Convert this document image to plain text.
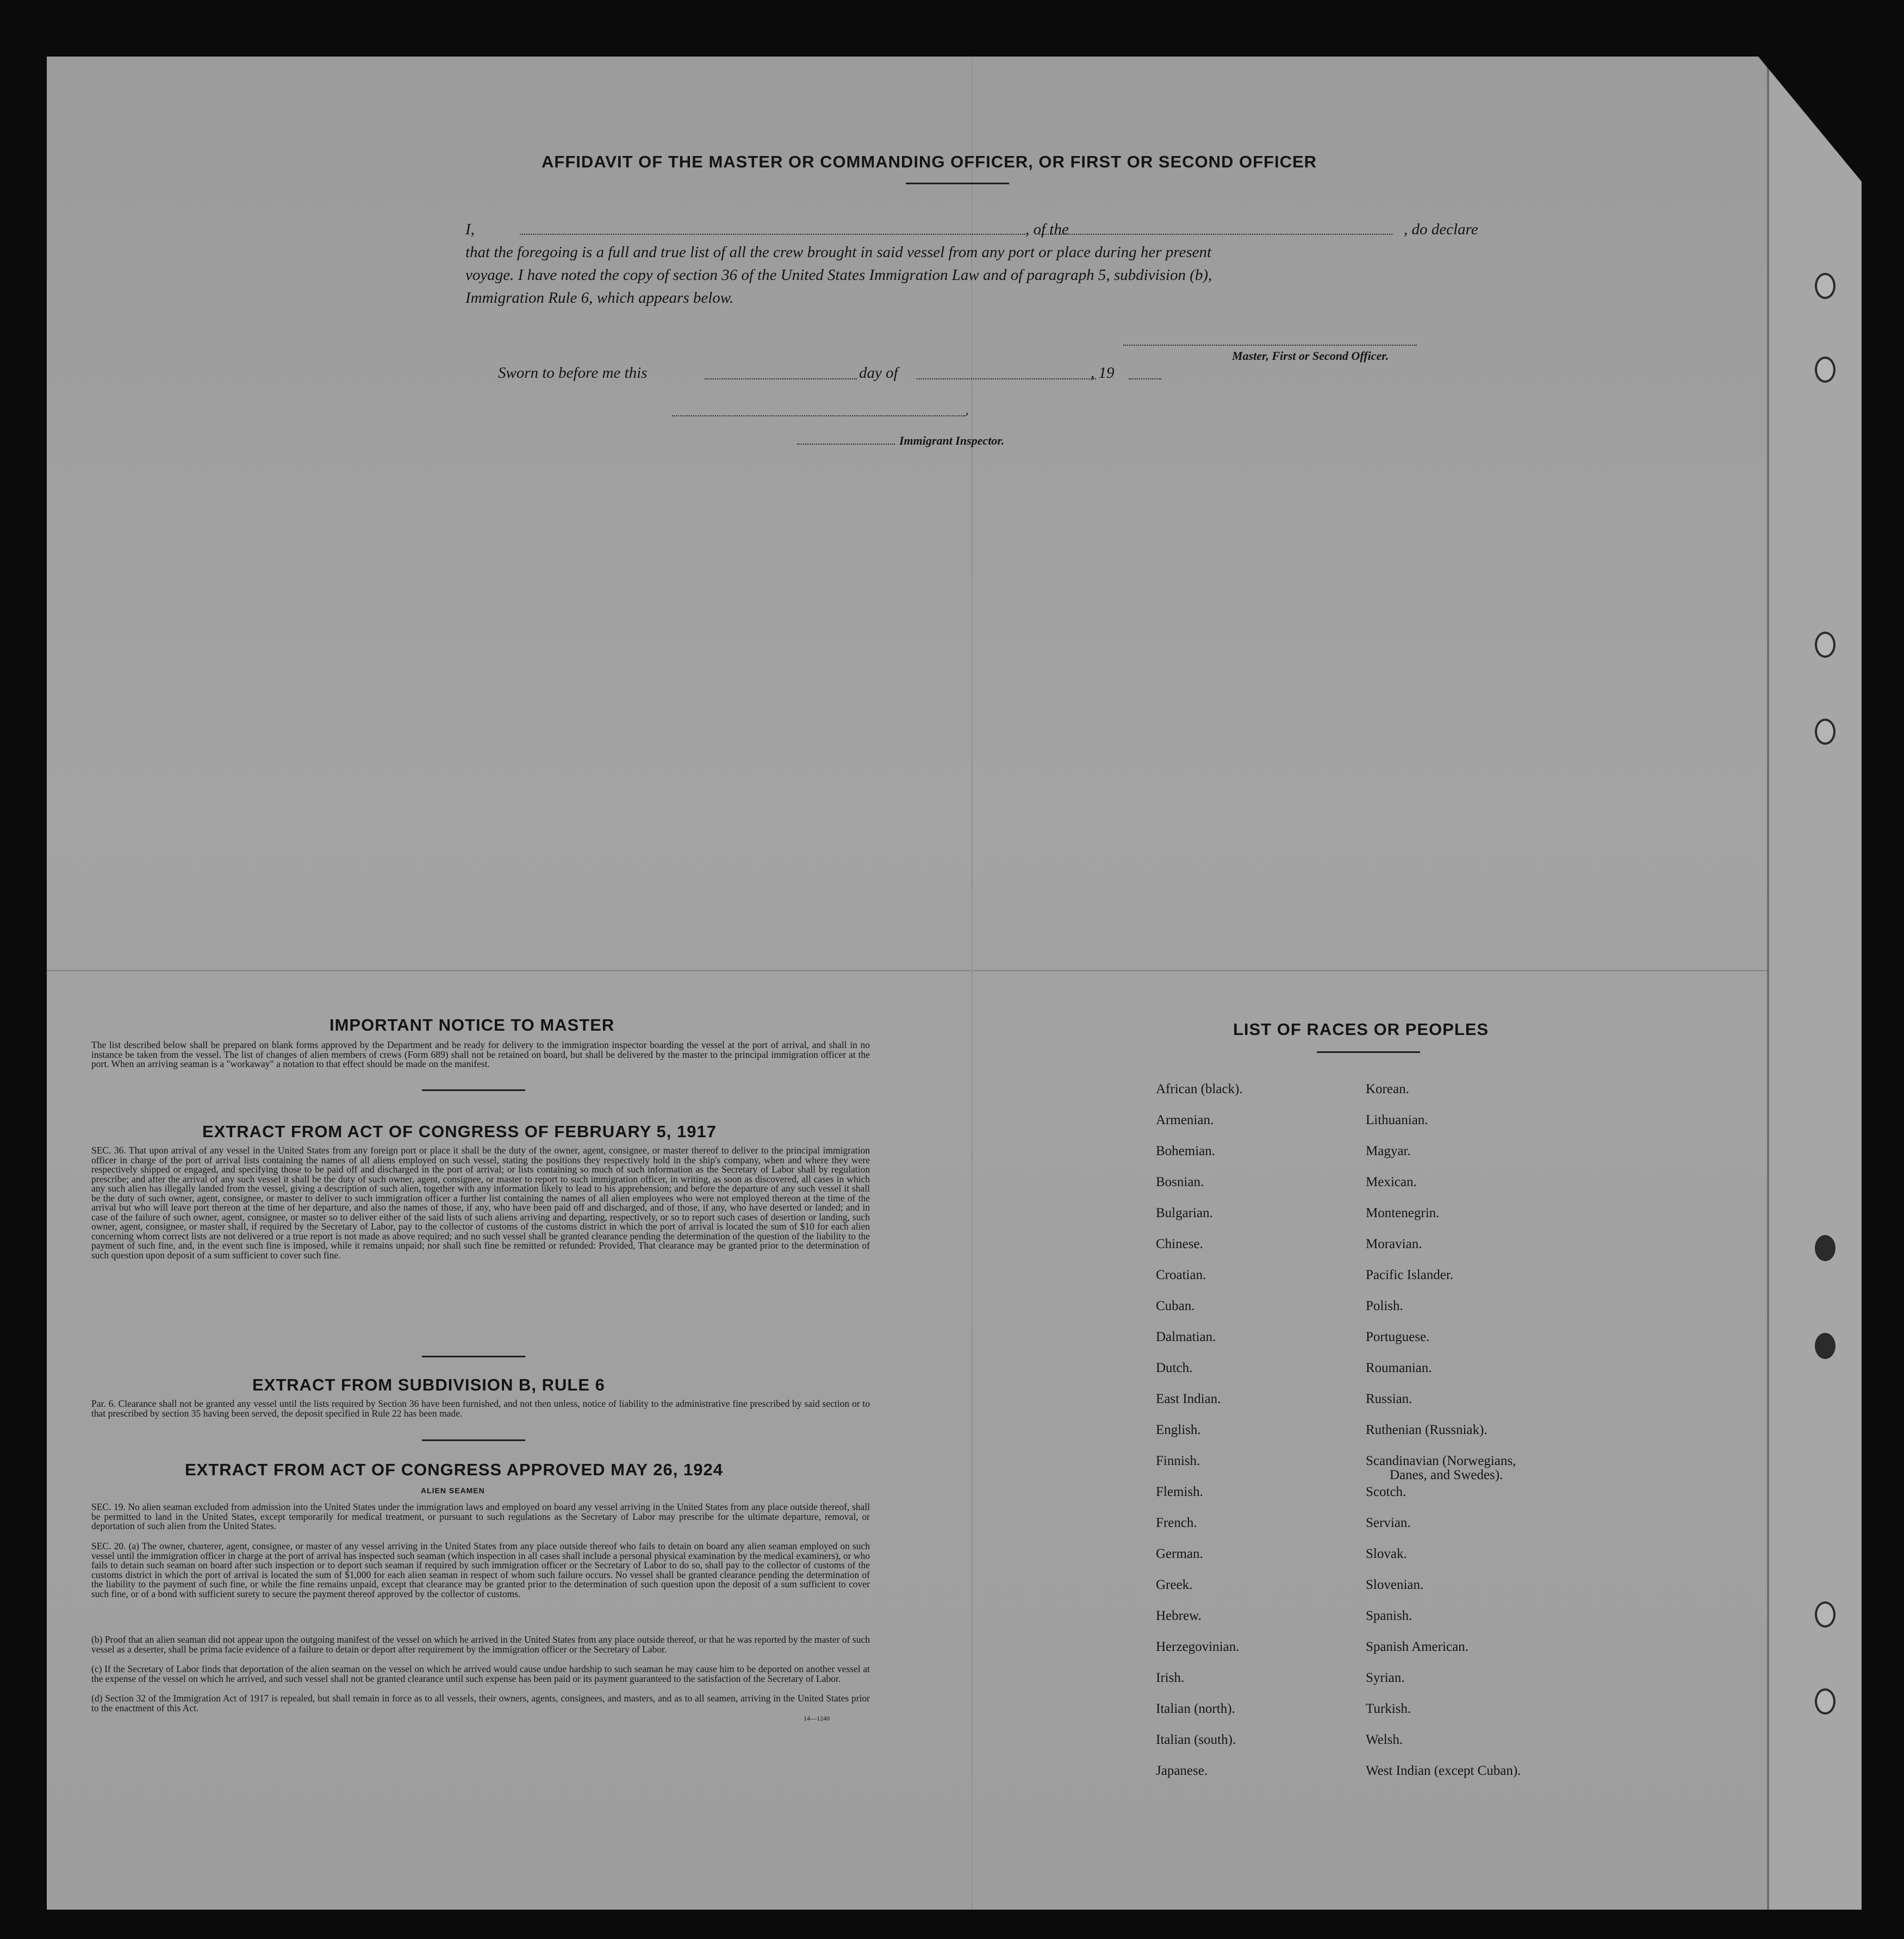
AFFIDAVIT OF THE MASTER OR COMMANDING OFFICER, OR FIRST OR SECOND OFFICER
I,	, of the	, do declare
that the foregoing is a full and true list of all the crew brought in said vessel from any port or place during her present
voyage. I have noted the copy of section 36 of the United States Immigration Law and of paragraph 5, subdivision (b),
Immigration Rule 6, which appears below.
Master, First or Second Officer.
Sworn to before me this	day of	, 19
,
Immigrant Inspector.
IMPORTANT NOTICE TO MASTER
The list described below shall be prepared on blank forms approved by the Department and be ready for delivery to the immigration inspector boarding the vessel at the port of arrival, and shall in no instance be taken from the vessel. The list of changes of alien members of crews (Form 689) shall not be retained on board, but shall be delivered by the master to the principal immigration officer at the port. When an arriving seaman is a "workaway" a notation to that effect should be made on the manifest.
EXTRACT FROM ACT OF CONGRESS OF FEBRUARY 5, 1917
SEC. 36. That upon arrival of any vessel in the United States from any foreign port or place it shall be the duty of the owner, agent, consignee, or master thereof to deliver to the principal immigration officer in charge of the port of arrival lists containing the names of all aliens employed on such vessel, stating the positions they respectively hold in the ship's company, when and where they were respectively shipped or engaged, and specifying those to be paid off and discharged in the port of arrival; or lists containing so much of such information as the Secretary of Labor shall by regulation prescribe; and after the arrival of any such vessel it shall be the duty of such owner, agent, consignee, or master to report to such immigration officer, in writing, as soon as discovered, all cases in which any such alien has illegally landed from the vessel, giving a description of such alien, together with any information likely to lead to his apprehension; and before the departure of any such vessel it shall be the duty of such owner, agent, consignee, or master to deliver to such immigration officer a further list containing the names of all alien employees who were not employed thereon at the time of the arrival but who will leave port thereon at the time of her departure, and also the names of those, if any, who have been paid off and discharged, and of those, if any, who have deserted or landed; and in case of the failure of such owner, agent, consignee, or master so to deliver either of the said lists of such aliens arriving and departing, respectively, or so to report such cases of desertion or landing, such owner, agent, consignee, or master shall, if required by the Secretary of Labor, pay to the collector of customs of the customs district in which the port of arrival is located the sum of $10 for each alien concerning whom correct lists are not delivered or a true report is not made as above required; and no such vessel shall be granted clearance pending the determination of the question of the liability to the payment of such fine, and, in the event such fine is imposed, while it remains unpaid; nor shall such fine be remitted or refunded: Provided, That clearance may be granted prior to the determination of such question upon deposit of a sum sufficient to cover such fine.
EXTRACT FROM SUBDIVISION B, RULE 6
Par. 6. Clearance shall not be granted any vessel until the lists required by Section 36 have been furnished, and not then unless, notice of liability to the administrative fine prescribed by said section or to that prescribed by section 35 having been served, the deposit specified in Rule 22 has been made.
EXTRACT FROM ACT OF CONGRESS APPROVED MAY 26, 1924
ALIEN SEAMEN
SEC. 19. No alien seaman excluded from admission into the United States under the immigration laws and employed on board any vessel arriving in the United States from any place outside thereof, shall be permitted to land in the United States, except temporarily for medical treatment, or pursuant to such regulations as the Secretary of Labor may prescribe for the ultimate departure, removal, or deportation of such alien from the United States.
SEC. 20. (a) The owner, charterer, agent, consignee, or master of any vessel arriving in the United States from any place outside thereof who fails to detain on board any alien seaman employed on such vessel until the immigration officer in charge at the port of arrival has inspected such seaman (which inspection in all cases shall include a personal physical examination by the medical examiners), or who fails to detain such seaman on board after such inspection or to deport such seaman if required by such immigration officer or the Secretary of Labor to do so, shall pay to the collector of customs of the customs district in which the port of arrival is located the sum of $1,000 for each alien seaman in respect of whom such failure occurs. No vessel shall be granted clearance pending the determination of the liability to the payment of such fine, or while the fine remains unpaid, except that clearance may be granted prior to the determination of such question upon the deposit of a sum sufficient to cover such fine, or of a bond with sufficient surety to secure the payment thereof approved by the collector of customs.
(b) Proof that an alien seaman did not appear upon the outgoing manifest of the vessel on which he arrived in the United States from any place outside thereof, or that he was reported by the master of such vessel as a deserter, shall be prima facie evidence of a failure to detain or deport after requirement by the immigration officer or the Secretary of Labor.
(c) If the Secretary of Labor finds that deportation of the alien seaman on the vessel on which he arrived would cause undue hardship to such seaman he may cause him to be deported on another vessel at the expense of the vessel on which he arrived, and such vessel shall not be granted clearance until such expense has been paid or its payment guaranteed to the satisfaction of the Secretary of Labor.
(d) Section 32 of the Immigration Act of 1917 is repealed, but shall remain in force as to all vessels, their owners, agents, consignees, and masters, and as to all seamen, arriving in the United States prior to the enactment of this Act.
14—1240
LIST OF RACES OR PEOPLES
African (black).
Armenian.
Bohemian.
Bosnian.
Bulgarian.
Chinese.
Croatian.
Cuban.
Dalmatian.
Dutch.
East Indian.
English.
Finnish.
Flemish.
French.
German.
Greek.
Hebrew.
Herzegovinian.
Irish.
Italian (north).
Italian (south).
Japanese.
Korean.
Lithuanian.
Magyar.
Mexican.
Montenegrin.
Moravian.
Pacific Islander.
Polish.
Portuguese.
Roumanian.
Russian.
Ruthenian (Russniak).
Scandinavian (Norwegians,
Danes, and Swedes).
Scotch.
Servian.
Slovak.
Slovenian.
Spanish.
Spanish American.
Syrian.
Turkish.
Welsh.
West Indian (except Cuban).
